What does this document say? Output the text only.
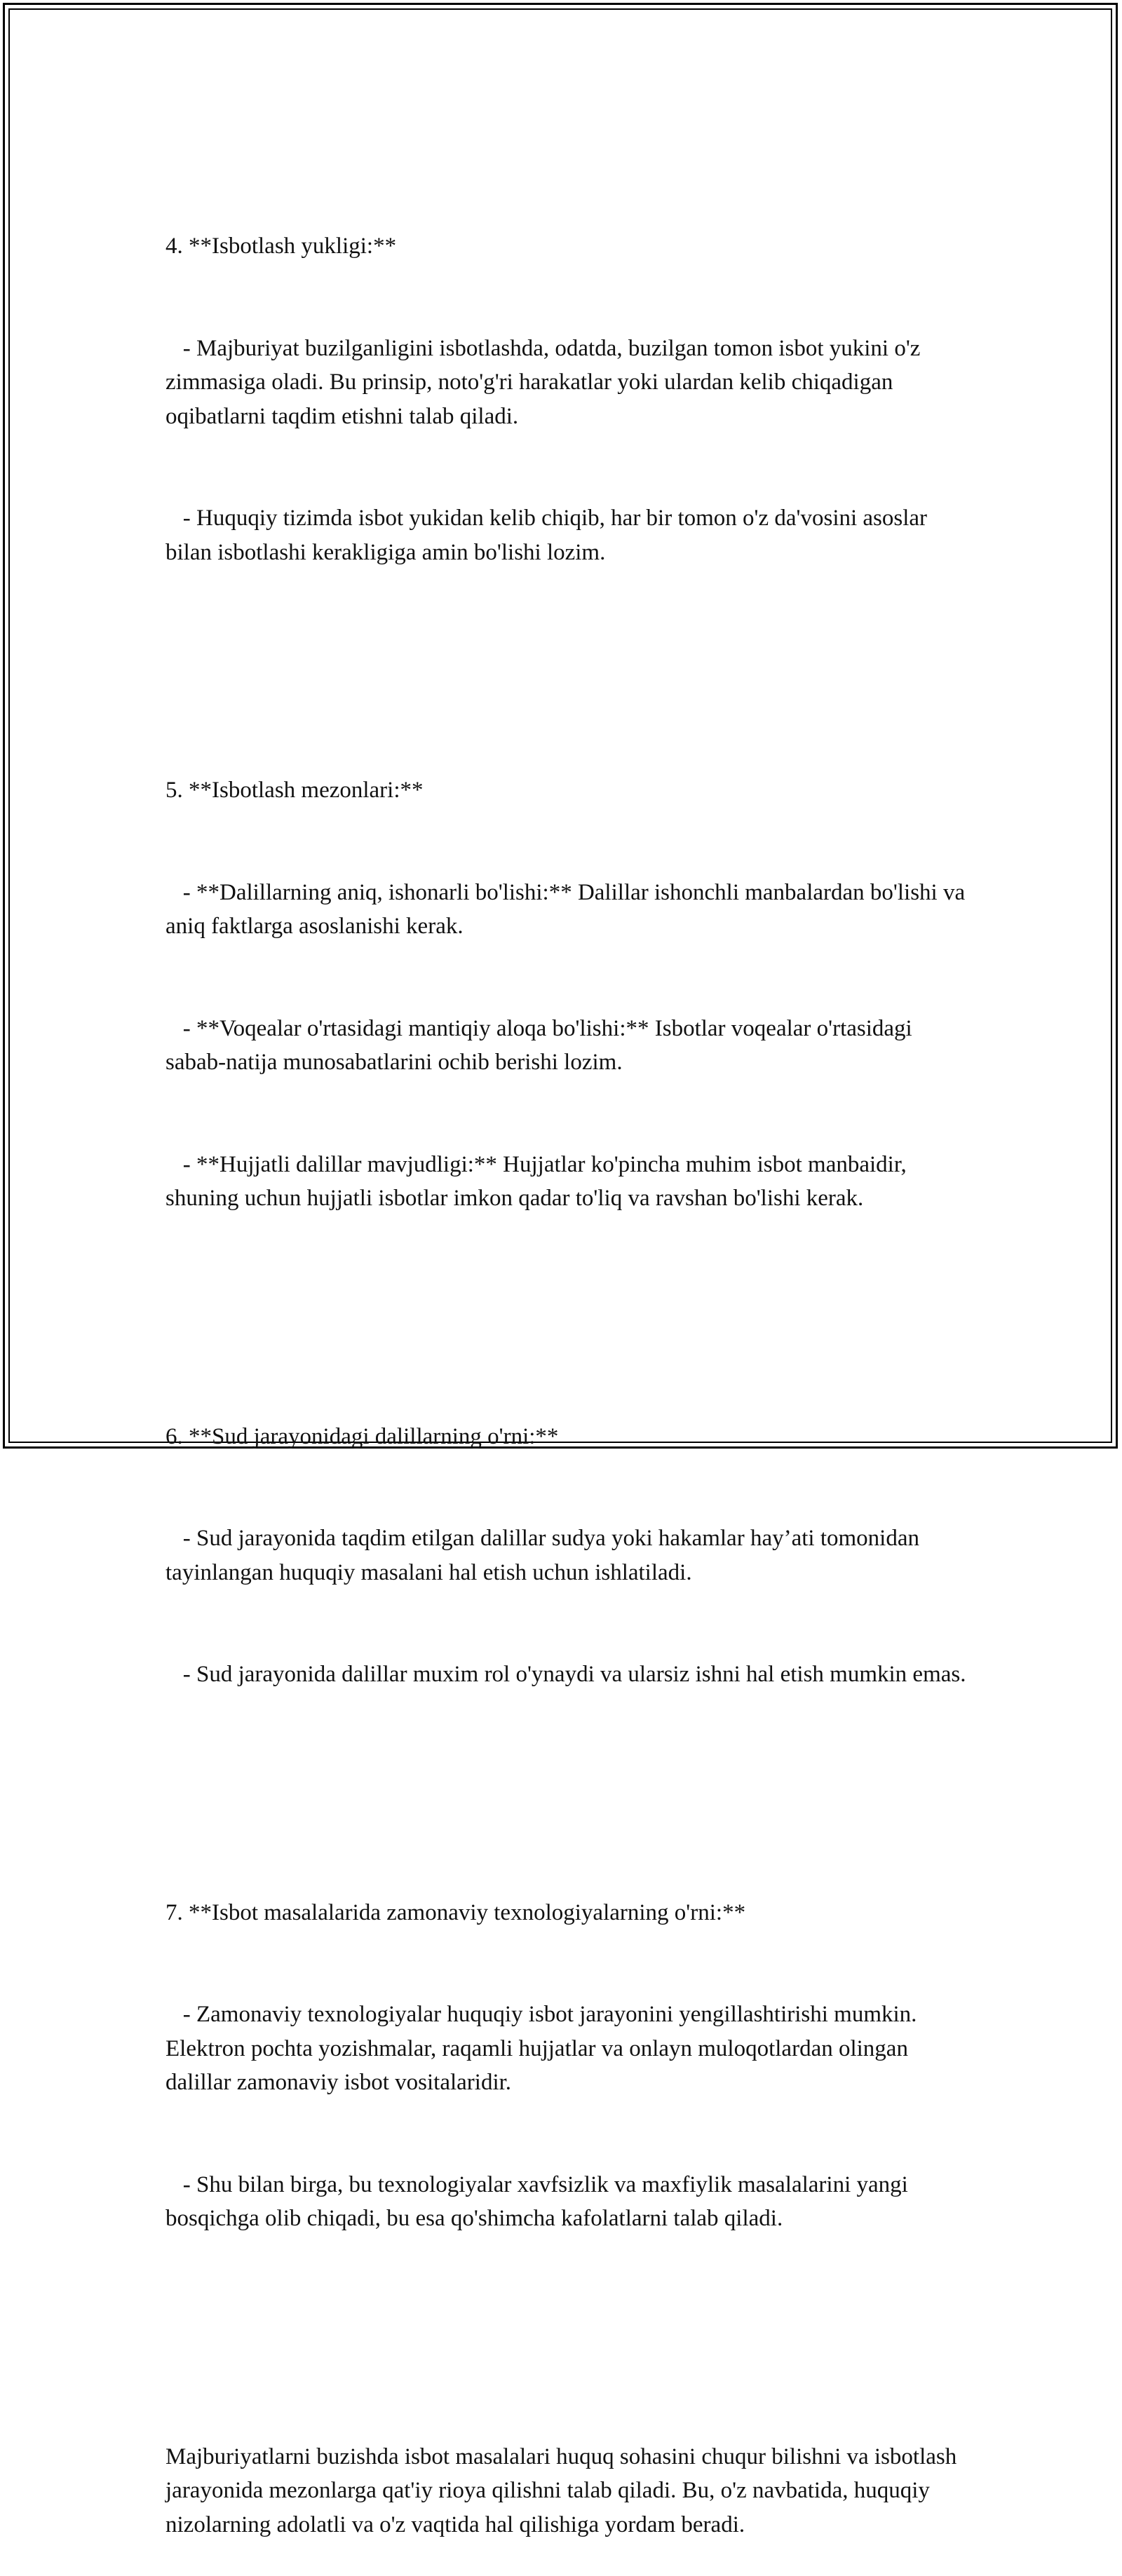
4. **Isbotlash yukligi:**

- Majburiyat buzilganligini isbotlashda, odatda, buzilgan tomon isbot yukini o'z zimmasiga oladi. Bu prinsip, noto'g'ri harakatlar yoki ulardan kelib chiqadigan oqibatlarni taqdim etishni talab qiladi.

- Huquqiy tizimda isbot yukidan kelib chiqib, har bir tomon o'z da'vosini asoslar bilan isbotlashi kerakligiga amin bo'lishi lozim.

5. **Isbotlash mezonlari:**

- **Dalillarning aniq, ishonarli bo'lishi:** Dalillar ishonchli manbalardan bo'lishi va aniq faktlarga asoslanishi kerak.

- **Voqealar o'rtasidagi mantiqiy aloqa bo'lishi:** Isbotlar voqealar o'rtasidagi sabab-natija munosabatlarini ochib berishi lozim.

- **Hujjatli dalillar mavjudligi:** Hujjatlar ko'pincha muhim isbot manbaidir, shuning uchun hujjatli isbotlar imkon qadar to'liq va ravshan bo'lishi kerak.

6. **Sud jarayonidagi dalillarning o'rni:**

- Sud jarayonida taqdim etilgan dalillar sudya yoki hakamlar hay’ati tomonidan tayinlangan huquqiy masalani hal etish uchun ishlatiladi.

- Sud jarayonida dalillar muxim rol o'ynaydi va ularsiz ishni hal etish mumkin emas.

7. **Isbot masalalarida zamonaviy texnologiyalarning o'rni:**

- Zamonaviy texnologiyalar huquqiy isbot jarayonini yengillashtirishi mumkin. Elektron pochta yozishmalar, raqamli hujjatlar va onlayn muloqotlardan olingan dalillar zamonaviy isbot vositalaridir.

- Shu bilan birga, bu texnologiyalar xavfsizlik va maxfiylik masalalarini yangi bosqichga olib chiqadi, bu esa qo'shimcha kafolatlarni talab qiladi.

Majburiyatlarni buzishda isbot masalalari huquq sohasini chuqur bilishni va isbotlash jarayonida mezonlarga qat'iy rioya qilishni talab qiladi. Bu, o'z navbatida, huquqiy nizolarning adolatli va o'z vaqtida hal qilishiga yordam beradi.
